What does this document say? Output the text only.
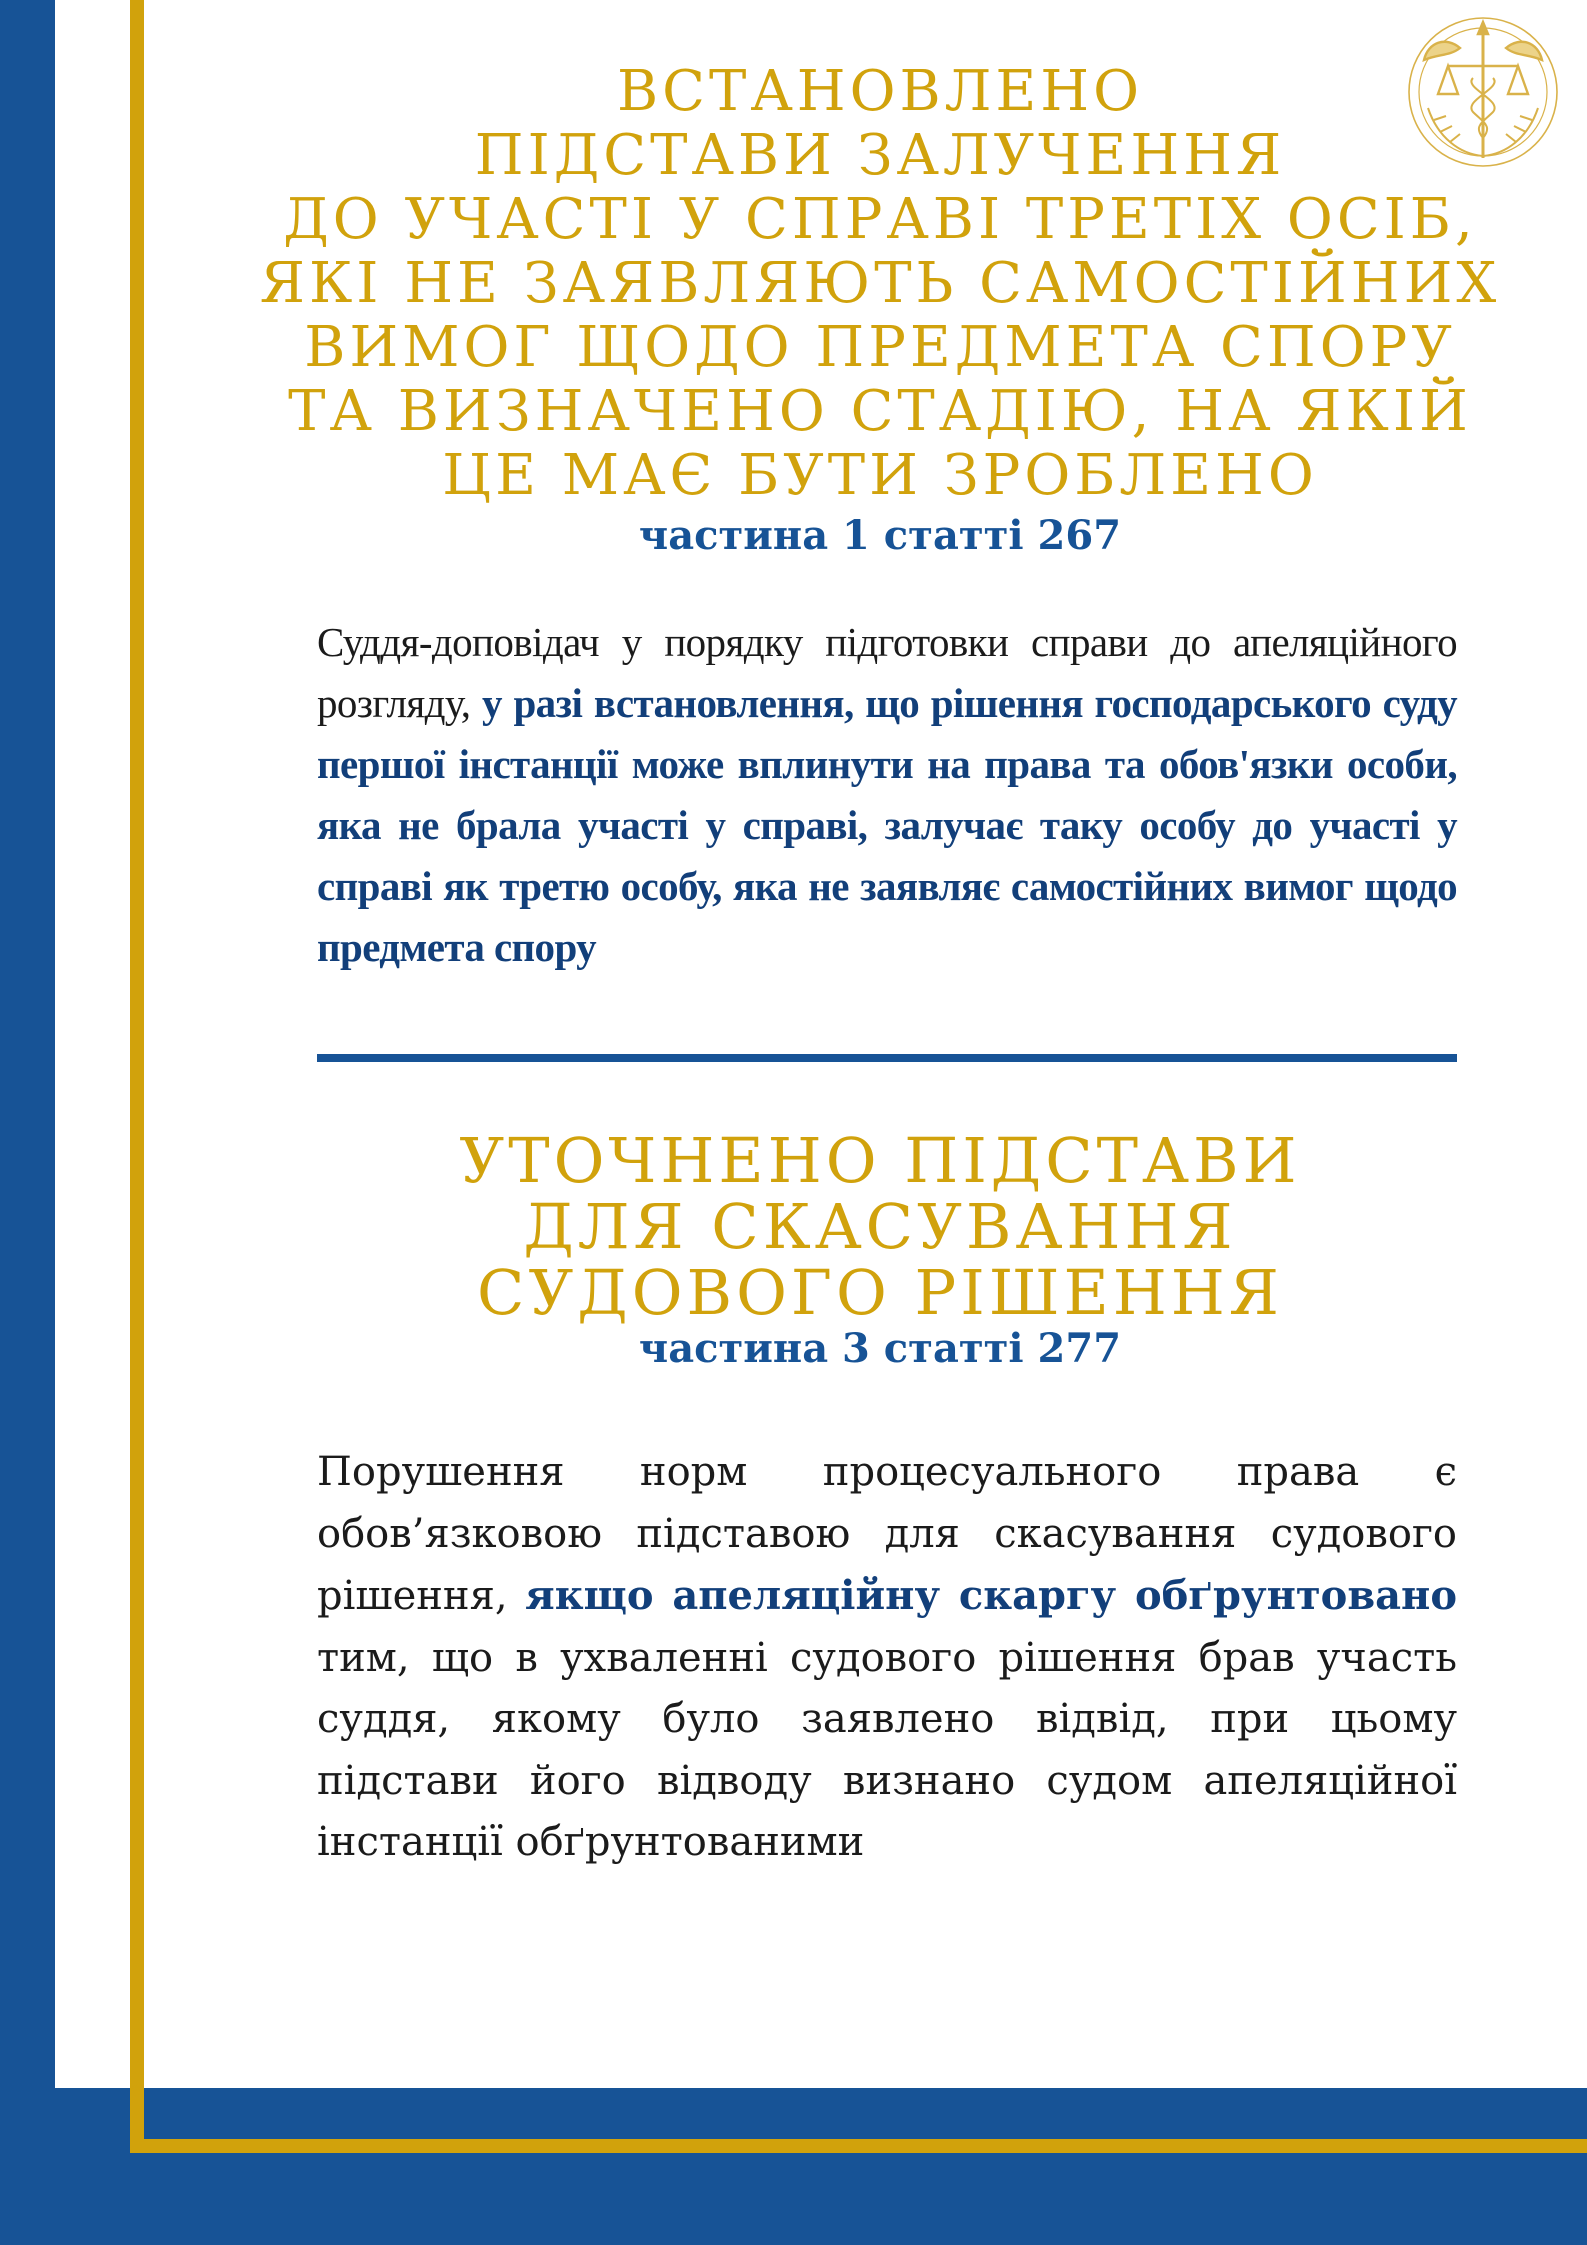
ВСТАНОВЛЕНО
ПІДСТАВИ ЗАЛУЧЕННЯ
ДО УЧАСТІ У СПРАВІ ТРЕТІХ ОСІБ,
ЯКІ НЕ ЗАЯВЛЯЮТЬ САМОСТІЙНИХ
ВИМОГ ЩОДО ПРЕДМЕТА СПОРУ
ТА ВИЗНАЧЕНО СТАДІЮ, НА ЯКІЙ
ЦЕ МАЄ БУТИ ЗРОБЛЕНО
частина 1 статті 267

Суддя-доповідач у порядку підготовки справи до апеляційного розгляду, у разі встановлення, що рішення господарського суду першої інстанції може вплинути на права та обов'язки особи, яка не брала участі у справі, залучає таку особу до участі у справі як третю особу, яка не заявляє самостійних вимог щодо предмета спору

УТОЧНЕНО ПІДСТАВИ
ДЛЯ СКАСУВАННЯ
СУДОВОГО РІШЕННЯ
частина 3 статті 277

Порушення норм процесуального права є обов’язковою підставою для скасування судового рішення, якщо апеляційну скаргу обґрунтовано тим, що в ухваленні судового рішення брав участь суддя, якому було заявлено відвід, при цьому підстави його відводу визнано судом апеляційної інстанції обґрунтованими
